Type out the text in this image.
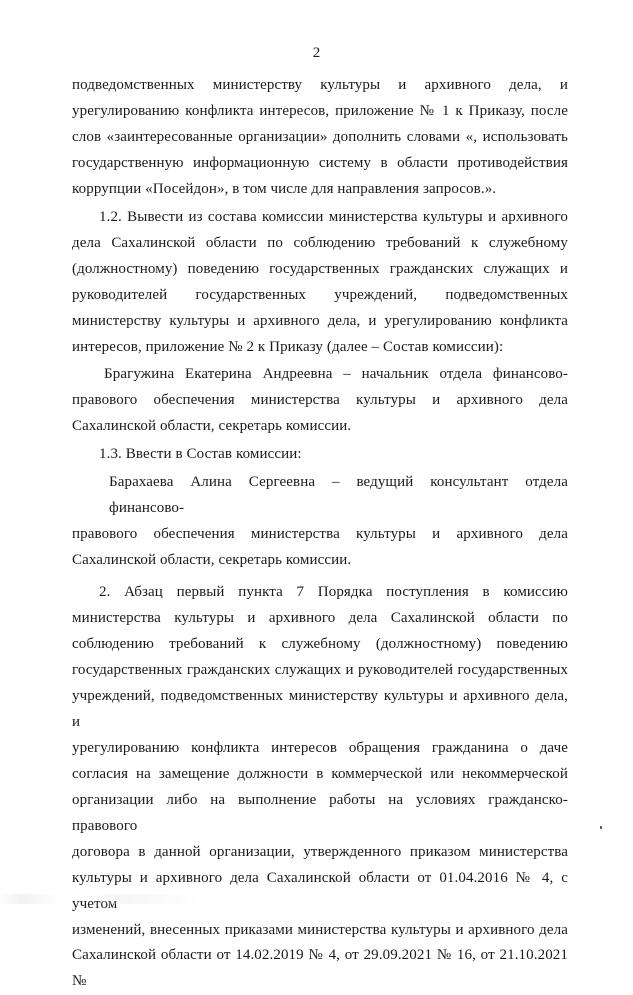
2
подведомственных министерству культуры и архивного дела, и
урегулированию конфликта интересов, приложение № 1 к Приказу, после
слов «заинтересованные организации» дополнить словами «, использовать
государственную информационную систему в области противодействия
коррупции «Посейдон», в том числе для направления запросов.».
1.2. Вывести из состава комиссии министерства культуры и архивного
дела Сахалинской области по соблюдению требований к служебному
(должностному) поведению государственных гражданских служащих и
руководителей государственных учреждений, подведомственных
министерству культуры и архивного дела, и урегулированию конфликта
интересов, приложение № 2 к Приказу (далее – Состав комиссии):
Брагужина Екатерина Андреевна – начальник отдела финансово-
правового обеспечения министерства культуры и архивного дела
Сахалинской области, секретарь комиссии.
1.3. Ввести в Состав комиссии:
Барахаева Алина Сергеевна – ведущий консультант отдела финансово-
правового обеспечения министерства культуры и архивного дела
Сахалинской области, секретарь комиссии.
2. Абзац первый пункта 7 Порядка поступления в комиссию
министерства культуры и архивного дела Сахалинской области по
соблюдению требований к служебному (должностному) поведению
государственных гражданских служащих и руководителей государственных
учреждений, подведомственных министерству культуры и архивного дела, и
урегулированию конфликта интересов обращения гражданина о даче
согласия на замещение должности в коммерческой или некоммерческой
организации либо на выполнение работы на условиях гражданско-правового
договора в данной организации, утвержденного приказом министерства
культуры и архивного дела Сахалинской области от 01.04.2016 № 4, с учетом
изменений, внесенных приказами министерства культуры и архивного дела
Сахалинской области от 14.02.2019 № 4, от 29.09.2021 № 16, от 21.10.2021 №
